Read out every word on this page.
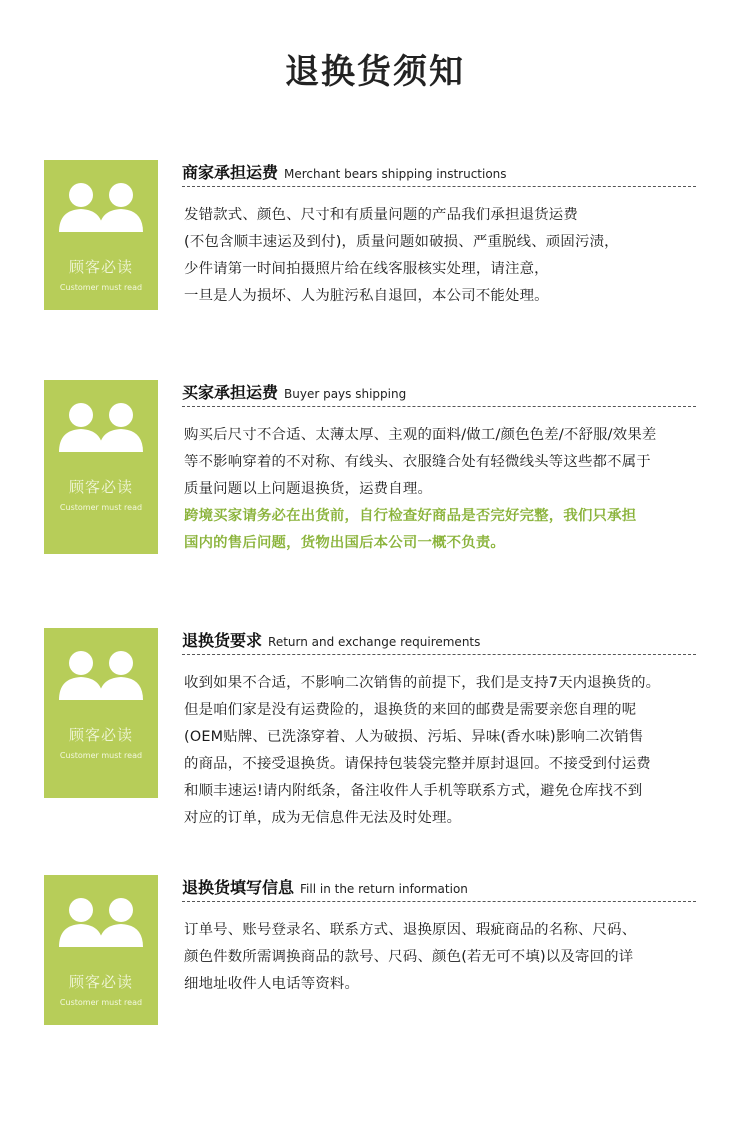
退换货须知
顾客必读
Customer must read
商家承担运费 Merchant bears shipping instructions
发错款式、颜色、尺寸和有质量问题的产品我们承担退货运费
(不包含顺丰速运及到付)，质量问题如破损、严重脱线、顽固污渍，
少件请第一时间拍摄照片给在线客服核实处理，请注意，
一旦是人为损坏、人为脏污私自退回，本公司不能处理。
顾客必读
Customer must read
买家承担运费 Buyer pays shipping
购买后尺寸不合适、太薄太厚、主观的面料/做工/颜色色差/不舒服/效果差
等不影响穿着的不对称、有线头、衣服缝合处有轻微线头等这些都不属于
质量问题以上问题退换货，运费自理。
跨境买家请务必在出货前，自行检查好商品是否完好完整，我们只承担
国内的售后问题，货物出国后本公司一概不负责。
顾客必读
Customer must read
退换货要求 Return and exchange requirements
收到如果不合适，不影响二次销售的前提下，我们是支持7天内退换货的。
但是咱们家是没有运费险的，退换货的来回的邮费是需要亲您自理的呢
(OEM贴牌、已洗涤穿着、人为破损、污垢、异味(香水味)影响二次销售
的商品，不接受退换货。请保持包装袋完整并原封退回。不接受到付运费
和顺丰速运!请内附纸条，备注收件人手机等联系方式，避免仓库找不到
对应的订单，成为无信息件无法及时处理。
顾客必读
Customer must read
退换货填写信息 Fill in the return information
订单号、账号登录名、联系方式、退换原因、瑕疵商品的名称、尺码、
颜色件数所需调换商品的款号、尺码、颜色(若无可不填)以及寄回的详
细地址收件人电话等资料。
